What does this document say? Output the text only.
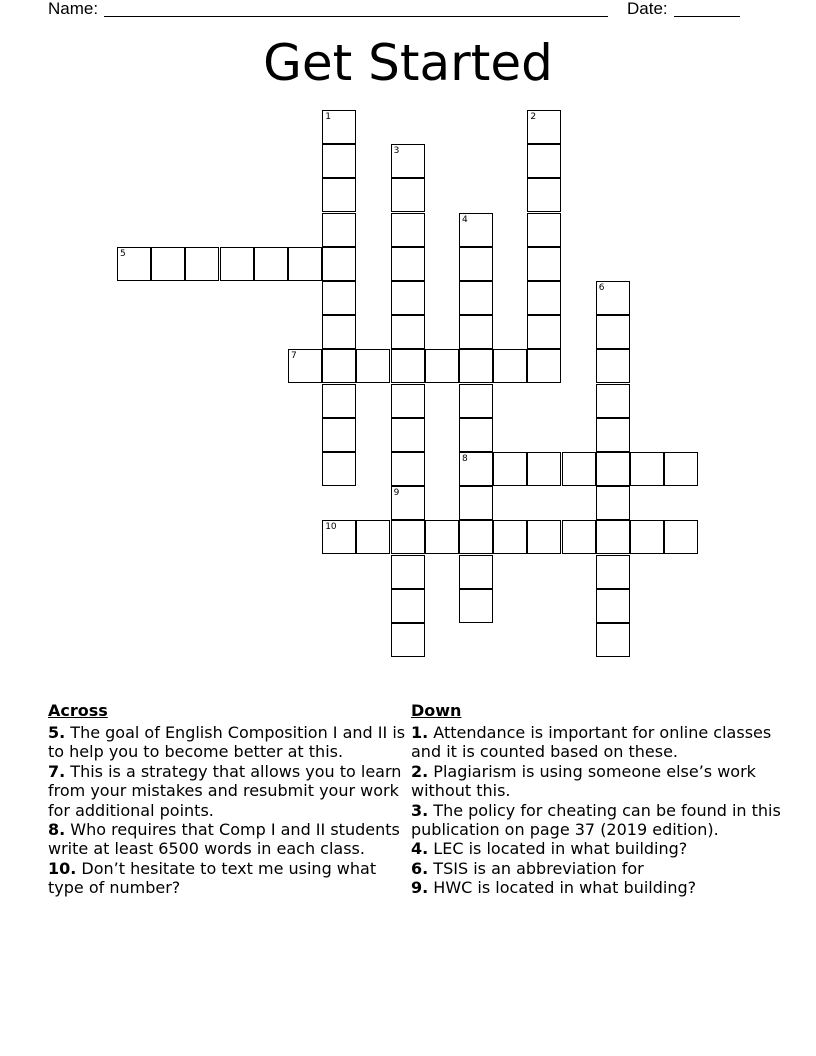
Name:	Date:
Get Started
1	2
3
4
8
5
6
7
9
10
Across

5. The goal of English Composition I and II is to help you to become better at this.

7. This is a strategy that allows you to learn from your mistakes and resubmit your work for additional points.

8. Who requires that Comp I and II students write at least 6500 words in each class.

10. Don’t hesitate to text me using what type of number?

Down

1. Attendance is important for online classes and it is counted based on these.

2. Plagiarism is using someone else’s work without this.

3. The policy for cheating can be found in this publication on page 37 (2019 edition).

4. LEC is located in what building?

6. TSIS is an abbreviation for

9. HWC is located in what building?
